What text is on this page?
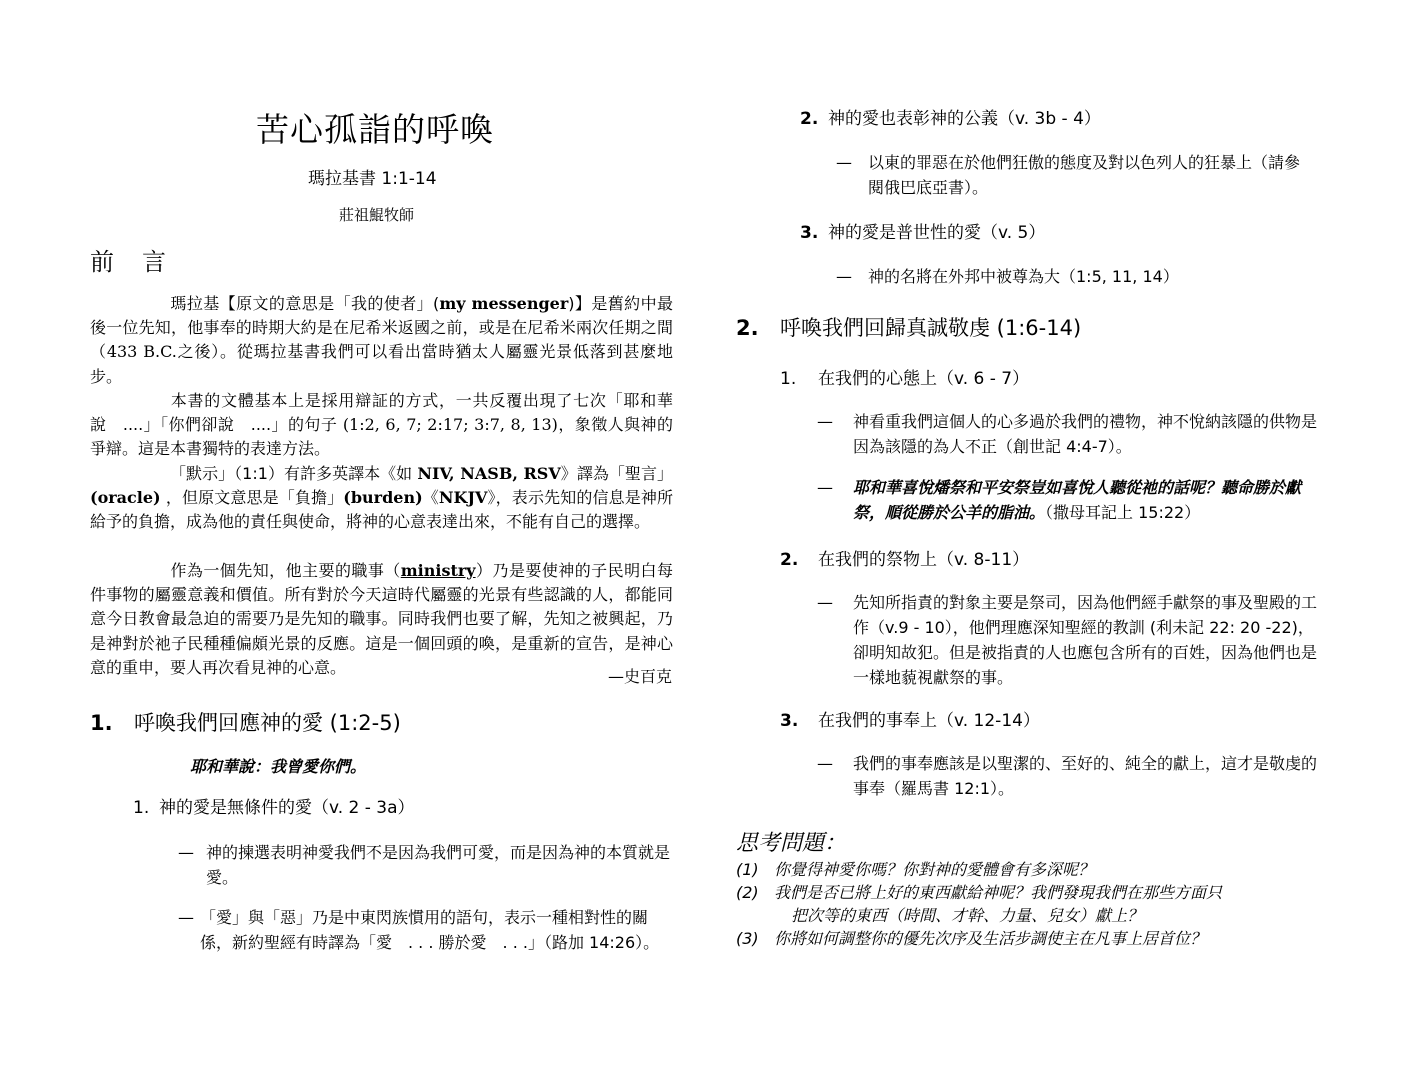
苦心孤詣的呼喚
瑪拉基書 1:1-14
莊祖鯤牧師
前　言
瑪拉基【原文的意思是「我的使者」(my messenger)】是舊約中最後一位先知，他事奉的時期大約是在尼希米返國之前，或是在尼希米兩次任期之間（433 B.C.之後）。從瑪拉基書我們可以看出當時猶太人屬靈光景低落到甚麼地步。
本書的文體基本上是採用辯証的方式，一共反覆出現了七次「耶和華說　....」「你們卻說　....」的句子 (1:2, 6, 7; 2:17; 3:7, 8, 13)，象徵人與神的爭辯。這是本書獨特的表達方法。
「默示」（1:1）有許多英譯本《如 NIV, NASB, RSV》譯為「聖言」(oracle) ，但原文意思是「負擔」(burden)《NKJV》，表示先知的信息是神所給予的負擔，成為他的責任與使命，將神的心意表達出來，不能有自己的選擇。
作為一個先知，他主要的職事（ministry）乃是要使神的子民明白每件事物的屬靈意義和價值。所有對於今天這時代屬靈的光景有些認識的人，都能同意今日教會最急迫的需要乃是先知的職事。同時我們也要了解，先知之被興起，乃是神對於祂子民種種偏頗光景的反應。這是一個回頭的喚，是重新的宣告，是神心意的重申，要人再次看見神的心意。	—史百克
1. 呼喚我們回應神的愛 (1:2-5)
耶和華說：我曾愛你們。
1. 神的愛是無條件的愛（v. 2 - 3a）
— 神的揀選表明神愛我們不是因為我們可愛，而是因為神的本質就是愛。
— 「愛」與「惡」乃是中東閃族慣用的語句，表示一種相對性的關係，新約聖經有時譯為「愛　. . . 勝於愛　. . .」（路加 14:26）。
2. 神的愛也表彰神的公義（v. 3b - 4）
—	以東的罪惡在於他們狂傲的態度及對以色列人的狂暴上（請參閱俄巴底亞書）。
3. 神的愛是普世性的愛（v. 5）
—	神的名將在外邦中被尊為大（1:5, 11, 14）
2. 呼喚我們回歸真誠敬虔 (1:6-14)
1. 在我們的心態上（v. 6 - 7）
—	神看重我們這個人的心多過於我們的禮物，神不悅納該隱的供物是因為該隱的為人不正（創世記 4:4-7）。
—	耶和華喜悅燔祭和平安祭豈如喜悅人聽從祂的話呢？聽命勝於獻祭，順從勝於公羊的脂油。（撒母耳記上 15:22）
2. 在我們的祭物上（v. 8-11）
—	先知所指責的對象主要是祭司，因為他們經手獻祭的事及聖殿的工作（v.9 - 10），他們理應深知聖經的教訓 (利未記 22: 20 -22)，卻明知故犯。但是被指責的人也應包含所有的百姓，因為他們也是一樣地藐視獻祭的事。
3. 在我們的事奉上（v. 12-14）
—	我們的事奉應該是以聖潔的、至好的、純全的獻上，這才是敬虔的事奉（羅馬書 12:1）。
思考問題：
(1) 你覺得神愛你嗎？你對神的愛體會有多深呢？
(2) 我們是否已將上好的東西獻給神呢？我們發現我們在那些方面只
把次等的東西（時間、才幹、力量、兒女）獻上？
(3) 你將如何調整你的優先次序及生活步調使主在凡事上居首位？
